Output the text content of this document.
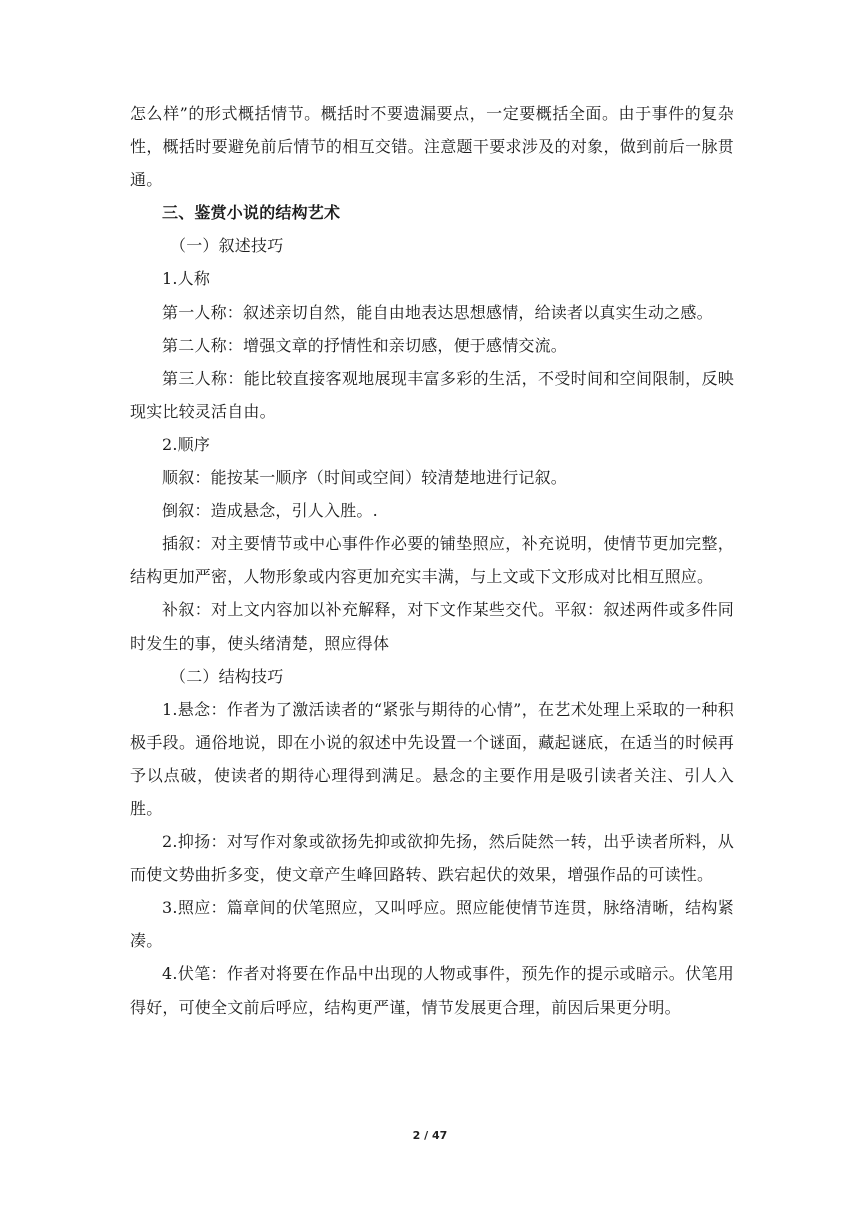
怎么样”的形式概括情节。概括时不要遗漏要点，一定要概括全面。由于事件的复杂性，概括时要避免前后情节的相互交错。注意题干要求涉及的对象，做到前后一脉贯通。

三、鉴赏小说的结构艺术

（一）叙述技巧

1.人称

第一人称：叙述亲切自然，能自由地表达思想感情，给读者以真实生动之感。

第二人称：增强文章的抒情性和亲切感，便于感情交流。

第三人称：能比较直接客观地展现丰富多彩的生活，不受时间和空间限制，反映现实比较灵活自由。

2.顺序

顺叙：能按某一顺序（时间或空间）较清楚地进行记叙。

倒叙：造成悬念，引人入胜。.

插叙：对主要情节或中心事件作必要的铺垫照应，补充说明，使情节更加完整，结构更加严密，人物形象或内容更加充实丰满，与上文或下文形成对比相互照应。

补叙：对上文内容加以补充解释，对下文作某些交代。平叙：叙述两件或多件同时发生的事，使头绪清楚，照应得体

（二）结构技巧

1.悬念：作者为了激活读者的“紧张与期待的心情”，在艺术处理上采取的一种积极手段。通俗地说，即在小说的叙述中先设置一个谜面，藏起谜底，在适当的时候再予以点破，使读者的期待心理得到满足。悬念的主要作用是吸引读者关注、引人入胜。

2.抑扬：对写作对象或欲扬先抑或欲抑先扬，然后陡然一转，出乎读者所料，从而使文势曲折多变，使文章产生峰回路转、跌宕起伏的效果，增强作品的可读性。

3.照应：篇章间的伏笔照应，又叫呼应。照应能使情节连贯，脉络清晰，结构紧凑。

4.伏笔：作者对将要在作品中出现的人物或事件，预先作的提示或暗示。伏笔用得好，可使全文前后呼应，结构更严谨，情节发展更合理，前因后果更分明。

2 / 47
